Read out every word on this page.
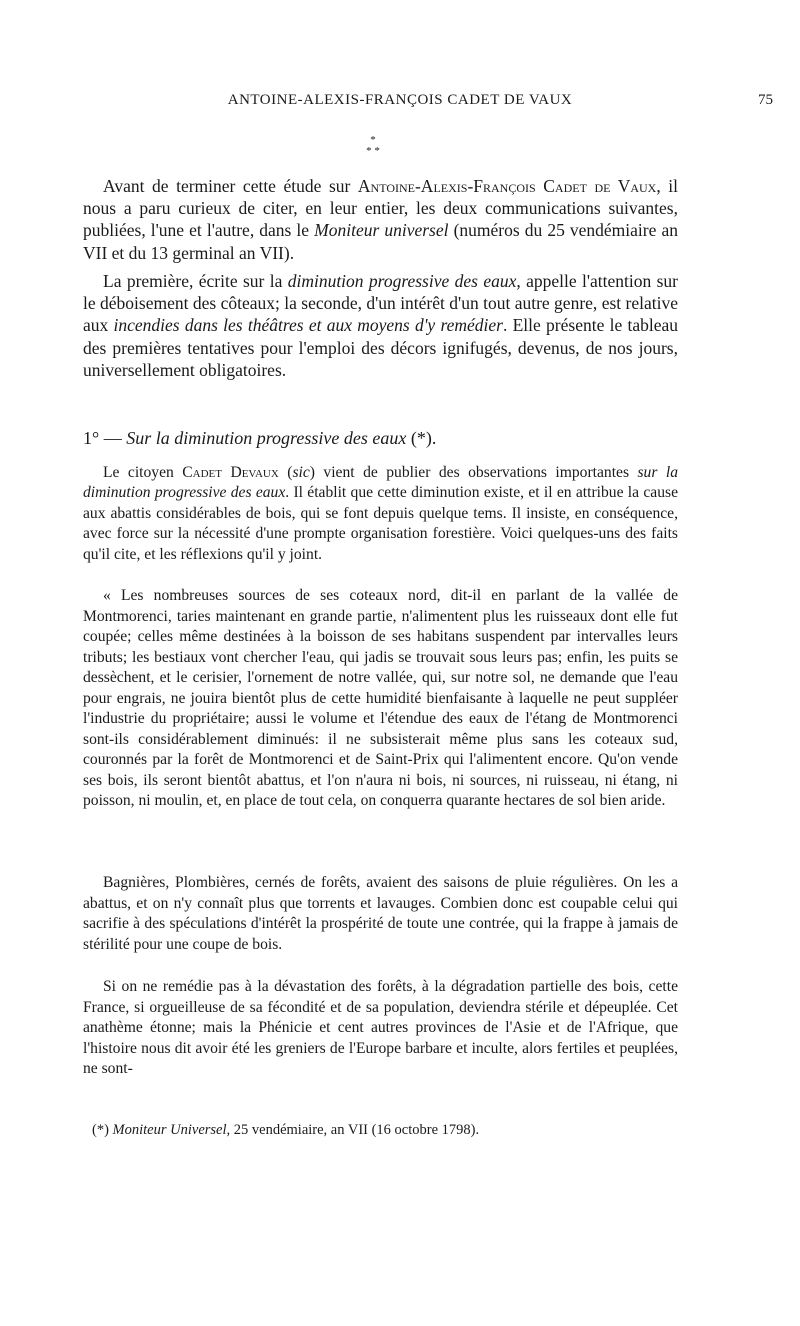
ANTOINE-ALEXIS-FRANÇOIS CADET DE VAUX	75
*
* *

Avant de terminer cette étude sur Antoine-Alexis-François Cadet de Vaux, il nous a paru curieux de citer, en leur entier, les deux communications suivantes, publiées, l'une et l'autre, dans le Moniteur universel (numéros du 25 vendémiaire an VII et du 13 germinal an VII).

La première, écrite sur la diminution progressive des eaux, appelle l'attention sur le déboisement des côteaux; la seconde, d'un intérêt d'un tout autre genre, est relative aux incendies dans les théâtres et aux moyens d'y remédier. Elle présente le tableau des premières tentatives pour l'emploi des décors ignifugés, devenus, de nos jours, universellement obligatoires.

1° — Sur la diminution progressive des eaux (*).

Le citoyen Cadet Devaux (sic) vient de publier des observations importantes sur la diminution progressive des eaux. Il établit que cette diminution existe, et il en attribue la cause aux abattis considérables de bois, qui se font depuis quelque tems. Il insiste, en conséquence, avec force sur la nécessité d'une prompte organisation forestière. Voici quelques-uns des faits qu'il cite, et les réflexions qu'il y joint.

« Les nombreuses sources de ses coteaux nord, dit-il en parlant de la vallée de Montmorenci, taries maintenant en grande partie, n'alimentent plus les ruisseaux dont elle fut coupée; celles même destinées à la boisson de ses habitans suspendent par intervalles leurs tributs; les bestiaux vont chercher l'eau, qui jadis se trouvait sous leurs pas; enfin, les puits se dessèchent, et le cerisier, l'ornement de notre vallée, qui, sur notre sol, ne demande que l'eau pour engrais, ne jouira bientôt plus de cette humidité bienfaisante à laquelle ne peut suppléer l'industrie du propriétaire; aussi le volume et l'étendue des eaux de l'étang de Montmorenci sont-ils considérablement diminués: il ne subsisterait même plus sans les coteaux sud, couronnés par la forêt de Montmorenci et de Saint-Prix qui l'alimentent encore. Qu'on vende ses bois, ils seront bientôt abattus, et l'on n'aura ni bois, ni sources, ni ruisseau, ni étang, ni poisson, ni moulin, et, en place de tout cela, on conquerra quarante hectares de sol bien aride.

Bagnières, Plombières, cernés de forêts, avaient des saisons de pluie régulières. On les a abattus, et on n'y connaît plus que torrents et lavauges. Combien donc est coupable celui qui sacrifie à des spéculations d'intérêt la prospérité de toute une contrée, qui la frappe à jamais de stérilité pour une coupe de bois.

Si on ne remédie pas à la dévastation des forêts, à la dégradation partielle des bois, cette France, si orgueilleuse de sa fécondité et de sa population, deviendra stérile et dépeuplée. Cet anathème étonne; mais la Phénicie et cent autres provinces de l'Asie et de l'Afrique, que l'histoire nous dit avoir été les greniers de l'Europe barbare et inculte, alors fertiles et peuplées, ne sont-

(*) Moniteur Universel, 25 vendémiaire, an VII (16 octobre 1798).
